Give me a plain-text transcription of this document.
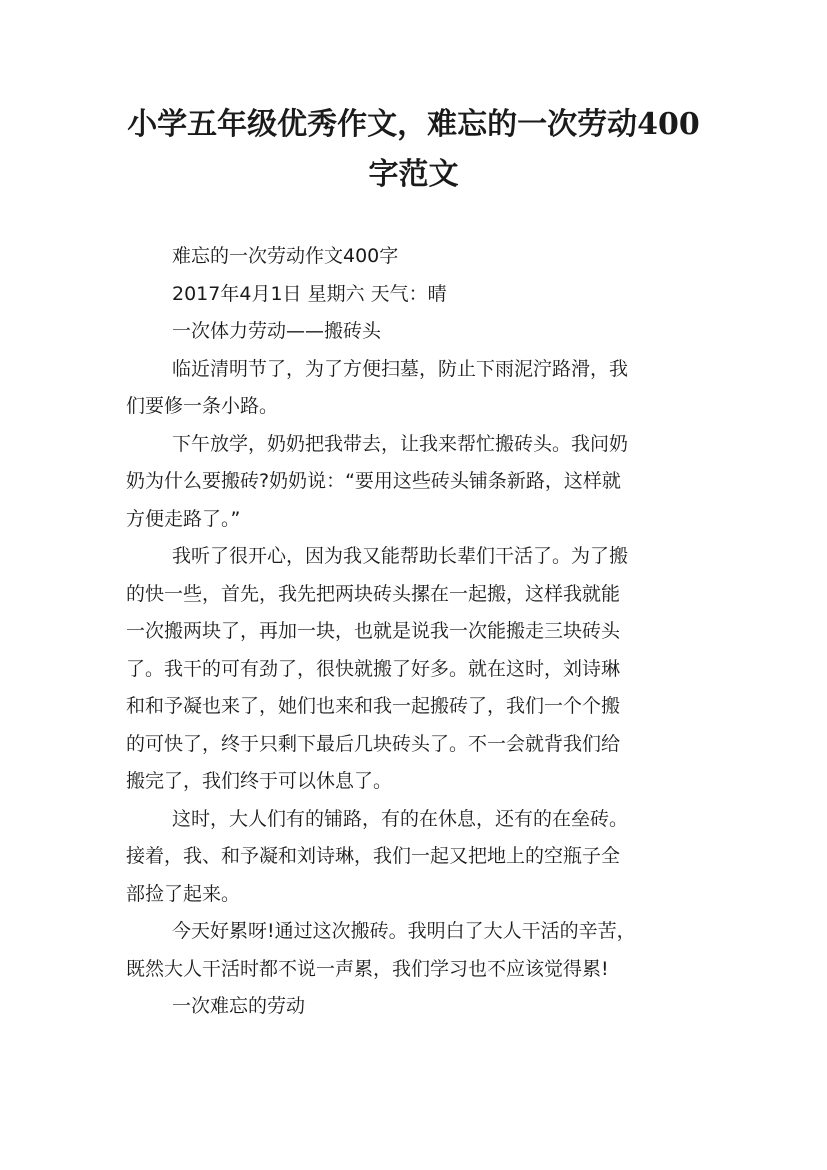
小学五年级优秀作文，难忘的一次劳动400
字范文
难忘的一次劳动作文400字
2017年4月1日 星期六 天气：晴
一次体力劳动——搬砖头
临近清明节了，为了方便扫墓，防止下雨泥泞路滑，我
们要修一条小路。
下午放学，奶奶把我带去，让我来帮忙搬砖头。我问奶
奶为什么要搬砖?奶奶说：“要用这些砖头铺条新路，这样就
方便走路了。”
我听了很开心，因为我又能帮助长辈们干活了。为了搬
的快一些，首先，我先把两块砖头摞在一起搬，这样我就能
一次搬两块了，再加一块，也就是说我一次能搬走三块砖头
了。我干的可有劲了，很快就搬了好多。就在这时，刘诗琳
和和予凝也来了，她们也来和我一起搬砖了，我们一个个搬
的可快了，终于只剩下最后几块砖头了。不一会就背我们给
搬完了，我们终于可以休息了。
这时，大人们有的铺路，有的在休息，还有的在垒砖。
接着，我、和予凝和刘诗琳，我们一起又把地上的空瓶子全
部捡了起来。
今天好累呀!通过这次搬砖。我明白了大人干活的辛苦，
既然大人干活时都不说一声累，我们学习也不应该觉得累!
一次难忘的劳动
